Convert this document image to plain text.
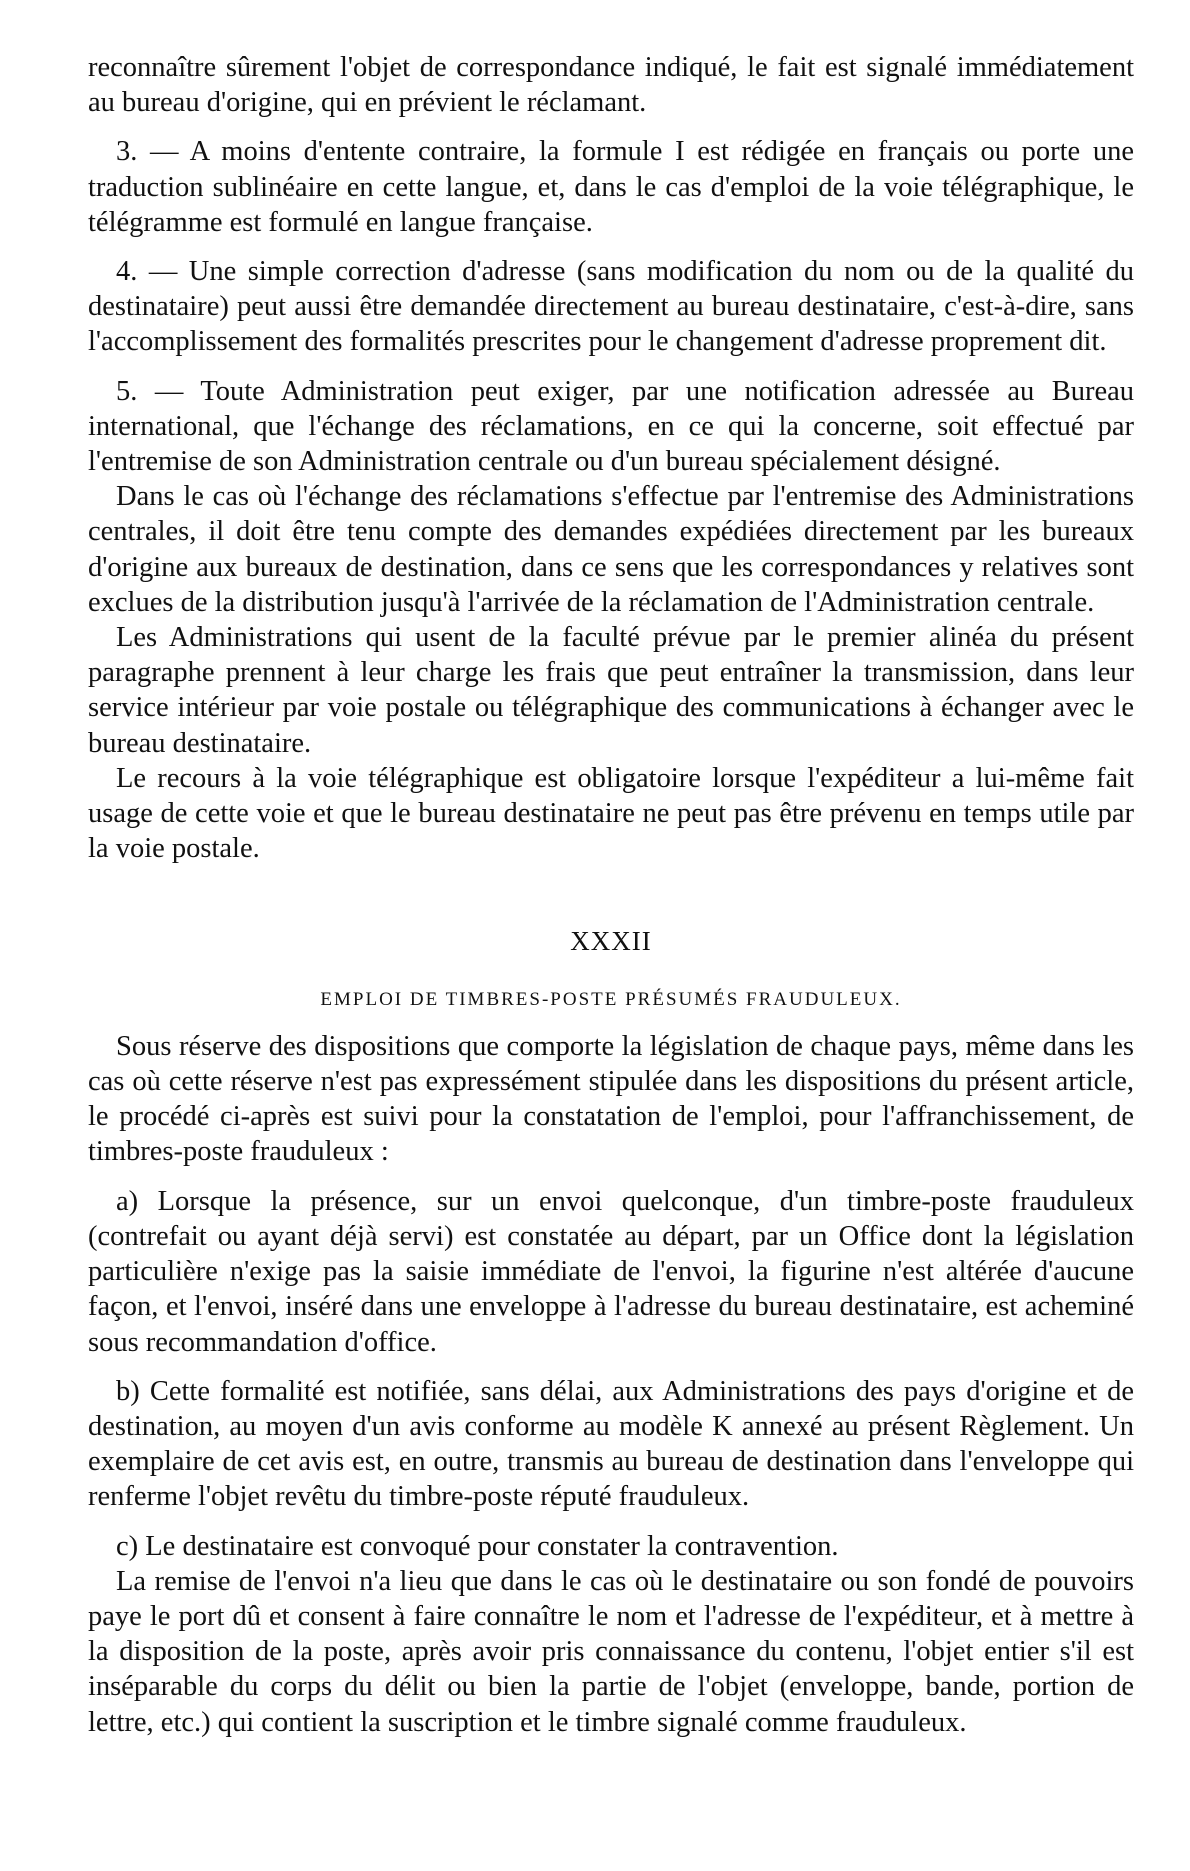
reconnaître sûrement l'objet de correspondance indiqué, le fait est signalé immédiatement au bureau d'origine, qui en prévient le réclamant.

3. — A moins d'entente contraire, la formule I est rédigée en français ou porte une traduction sublinéaire en cette langue, et, dans le cas d'emploi de la voie télégraphique, le télégramme est formulé en langue française.

4. — Une simple correction d'adresse (sans modification du nom ou de la qualité du destinataire) peut aussi être demandée directement au bureau destinataire, c'est-à-dire, sans l'accomplissement des formalités prescrites pour le changement d'adresse proprement dit.

5. — Toute Administration peut exiger, par une notification adressée au Bureau international, que l'échange des réclamations, en ce qui la concerne, soit effectué par l'entremise de son Administration centrale ou d'un bureau spécialement désigné.

Dans le cas où l'échange des réclamations s'effectue par l'entremise des Administrations centrales, il doit être tenu compte des demandes expédiées directement par les bureaux d'origine aux bureaux de destination, dans ce sens que les correspondances y relatives sont exclues de la distribution jusqu'à l'arrivée de la réclamation de l'Administration centrale.

Les Administrations qui usent de la faculté prévue par le premier alinéa du présent paragraphe prennent à leur charge les frais que peut entraîner la transmission, dans leur service intérieur par voie postale ou télégraphique des communications à échanger avec le bureau destinataire.

Le recours à la voie télégraphique est obligatoire lorsque l'expéditeur a lui-même fait usage de cette voie et que le bureau destinataire ne peut pas être prévenu en temps utile par la voie postale.

XXXII
EMPLOI DE TIMBRES-POSTE PRÉSUMÉS FRAUDULEUX.

Sous réserve des dispositions que comporte la législation de chaque pays, même dans les cas où cette réserve n'est pas expressément stipulée dans les dispositions du présent article, le procédé ci-après est suivi pour la constatation de l'emploi, pour l'affranchissement, de timbres-poste frauduleux :

a) Lorsque la présence, sur un envoi quelconque, d'un timbre-poste frauduleux (contrefait ou ayant déjà servi) est constatée au départ, par un Office dont la législation particulière n'exige pas la saisie immédiate de l'envoi, la figurine n'est altérée d'aucune façon, et l'envoi, inséré dans une enveloppe à l'adresse du bureau destinataire, est acheminé sous recommandation d'office.

b) Cette formalité est notifiée, sans délai, aux Administrations des pays d'origine et de destination, au moyen d'un avis conforme au modèle K annexé au présent Règlement. Un exemplaire de cet avis est, en outre, transmis au bureau de destination dans l'enveloppe qui renferme l'objet revêtu du timbre-poste réputé frauduleux.

c) Le destinataire est convoqué pour constater la contravention.

La remise de l'envoi n'a lieu que dans le cas où le destinataire ou son fondé de pouvoirs paye le port dû et consent à faire connaître le nom et l'adresse de l'expéditeur, et à mettre à la disposition de la poste, après avoir pris connaissance du contenu, l'objet entier s'il est inséparable du corps du délit ou bien la partie de l'objet (enveloppe, bande, portion de lettre, etc.) qui contient la suscription et le timbre signalé comme frauduleux.
